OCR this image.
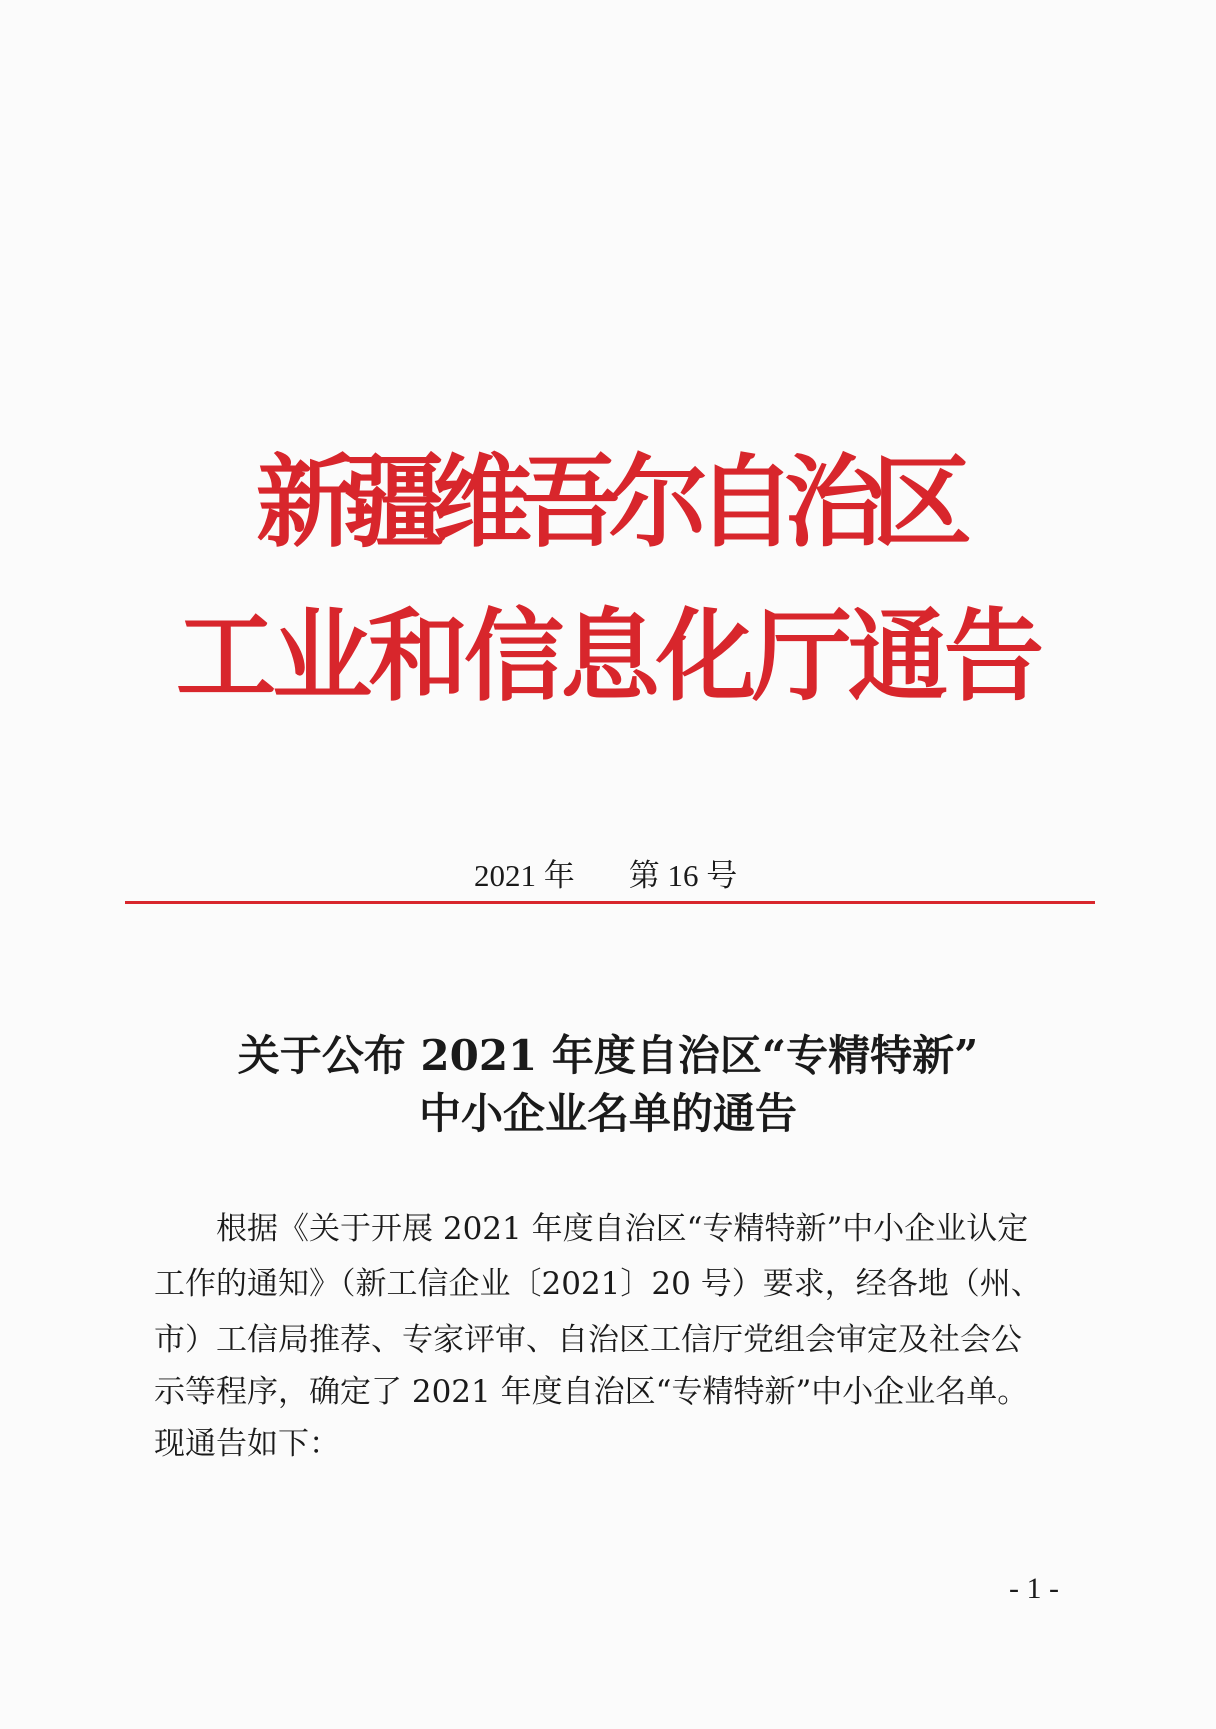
新疆维吾尔自治区
工业和信息化厅通告
2021 年 第 16 号
关于公布 2021 年度自治区“专精特新”
中小企业名单的通告
根据《关于开展 2021 年度自治区“专精特新”中小企业认定
工作的通知》（新工信企业〔2021〕20 号）要求，经各地（州、
市）工信局推荐、专家评审、自治区工信厅党组会审定及社会公
示等程序，确定了 2021 年度自治区“专精特新”中小企业名单。
现通告如下：
- 1 -
